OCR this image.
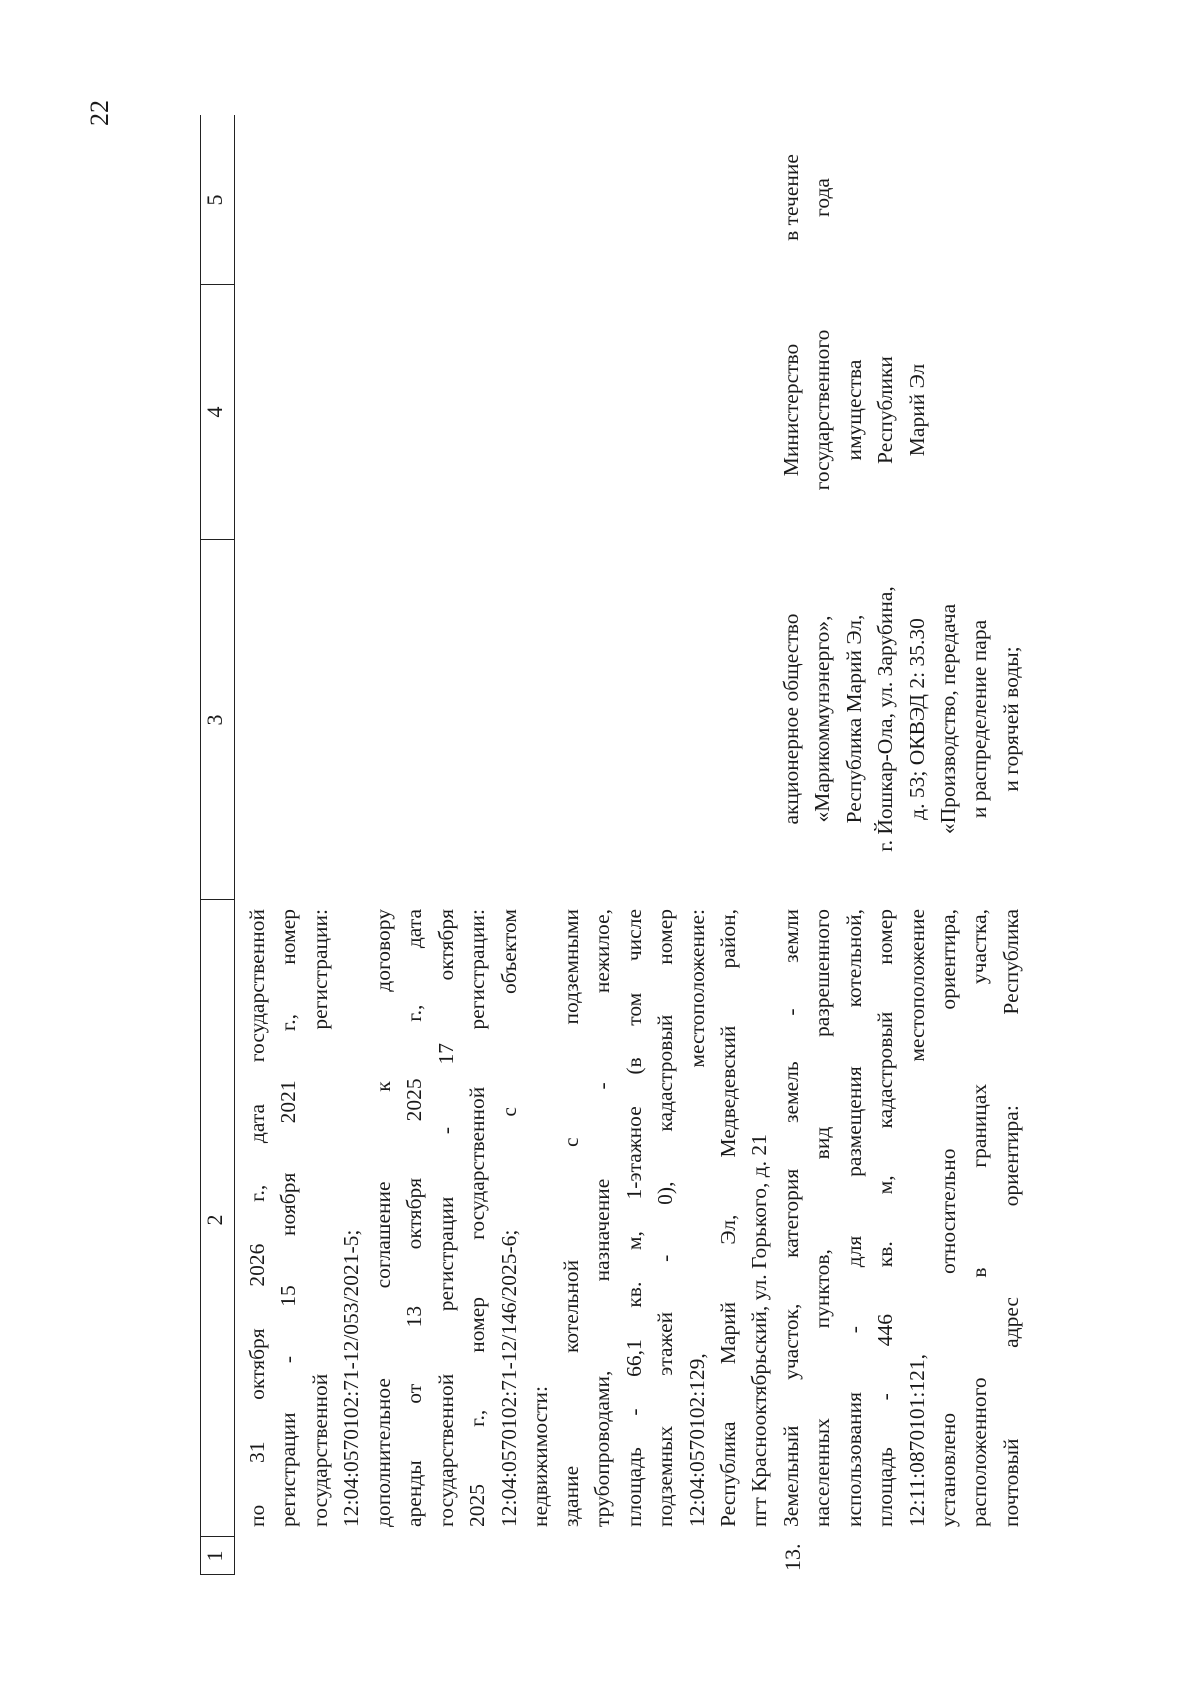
22
1
2
3
4
5
по 31 октября 2026 г., дата государственной регистрации - 15 ноября 2021 г., номер государственной регистрации: 12:04:0570102:71-12/053/2021-5; дополнительное соглашение к договору аренды от 13 октября 2025 г., дата государственной регистрации - 17 октября 2025 г., номер государственной регистрации: 12:04:0570102:71-12/146/2025-6; с объектом недвижимости: здание котельной с подземными трубопроводами, назначение - нежилое, площадь - 66,1 кв. м, 1-этажное (в том числе подземных этажей - 0), кадастровый номер 12:04:0570102:129, местоположение: Республика Марий Эл, Медведевский район, пгт Краснооктябрьский, ул. Горького, д. 21
13.
Земельный участок, категория земель - земли населенных пунктов, вид разрешенного использования - для размещения котельной, площадь - 446 кв. м, кадастровый номер 12:11:0870101:121, местоположение установлено относительно ориентира, расположенного в границах участка, почтовый адрес ориентира: Республика
акционерное общество «Марикоммунэнерго», Республика Марий Эл, г. Йошкар-Ола, ул. Зарубина, д. 53; ОКВЭД 2: 35.30 «Производство, передача и распределение пара и горячей воды;
Министерство государственного имущества Республики Марий Эл
в течение года
